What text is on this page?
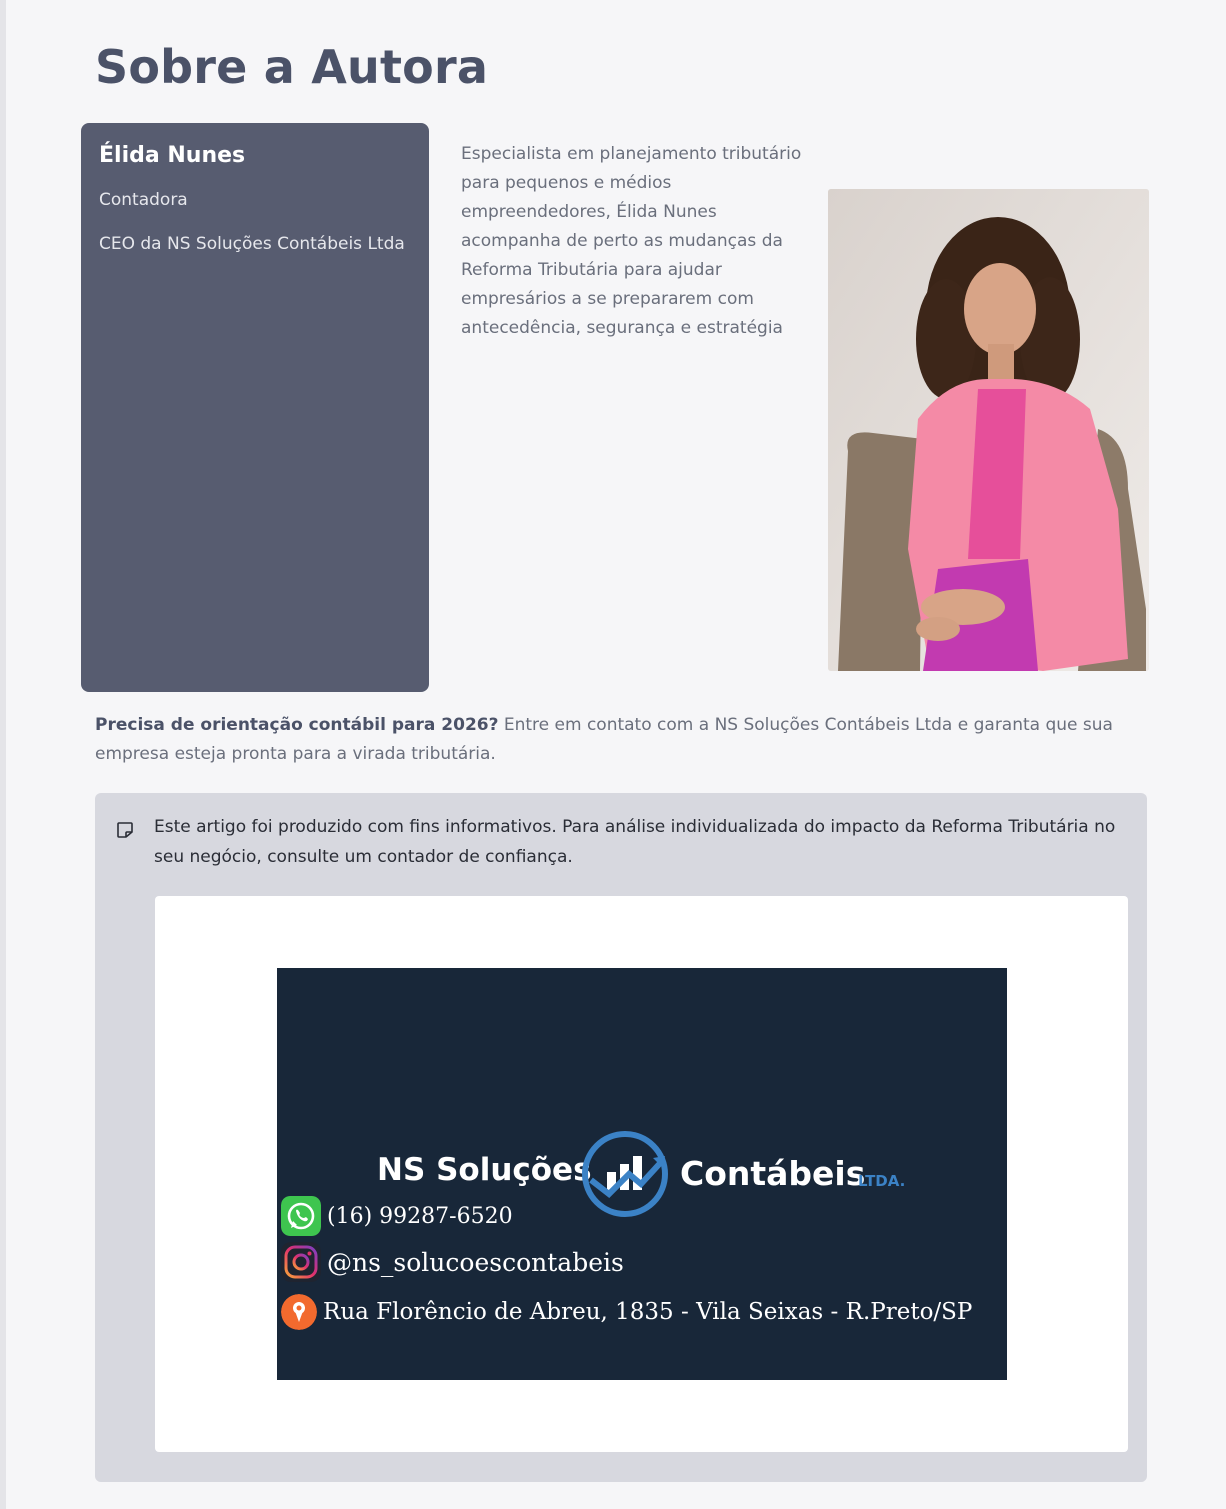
Sobre a Autora

Élida Nunes

Contadora

CEO da NS Soluções Contábeis Ltda

Especialista em planejamento tributário para pequenos e médios empreendedores, Élida Nunes acompanha de perto as mudanças da Reforma Tributária para ajudar empresários a se prepararem com antecedência, segurança e estratégia

Precisa de orientação contábil para 2026? Entre em contato com a NS Soluções Contábeis Ltda e garanta que sua empresa esteja pronta para a virada tributária.

Este artigo foi produzido com fins informativos. Para análise individualizada do impacto da Reforma Tributária no seu negócio, consulte um contador de confiança.

NS Soluções	Contábeis
LTDA.
(16) 99287-6520
@ns_solucoescontabeis
Rua Florêncio de Abreu, 1835 - Vila Seixas - R.Preto/SP
